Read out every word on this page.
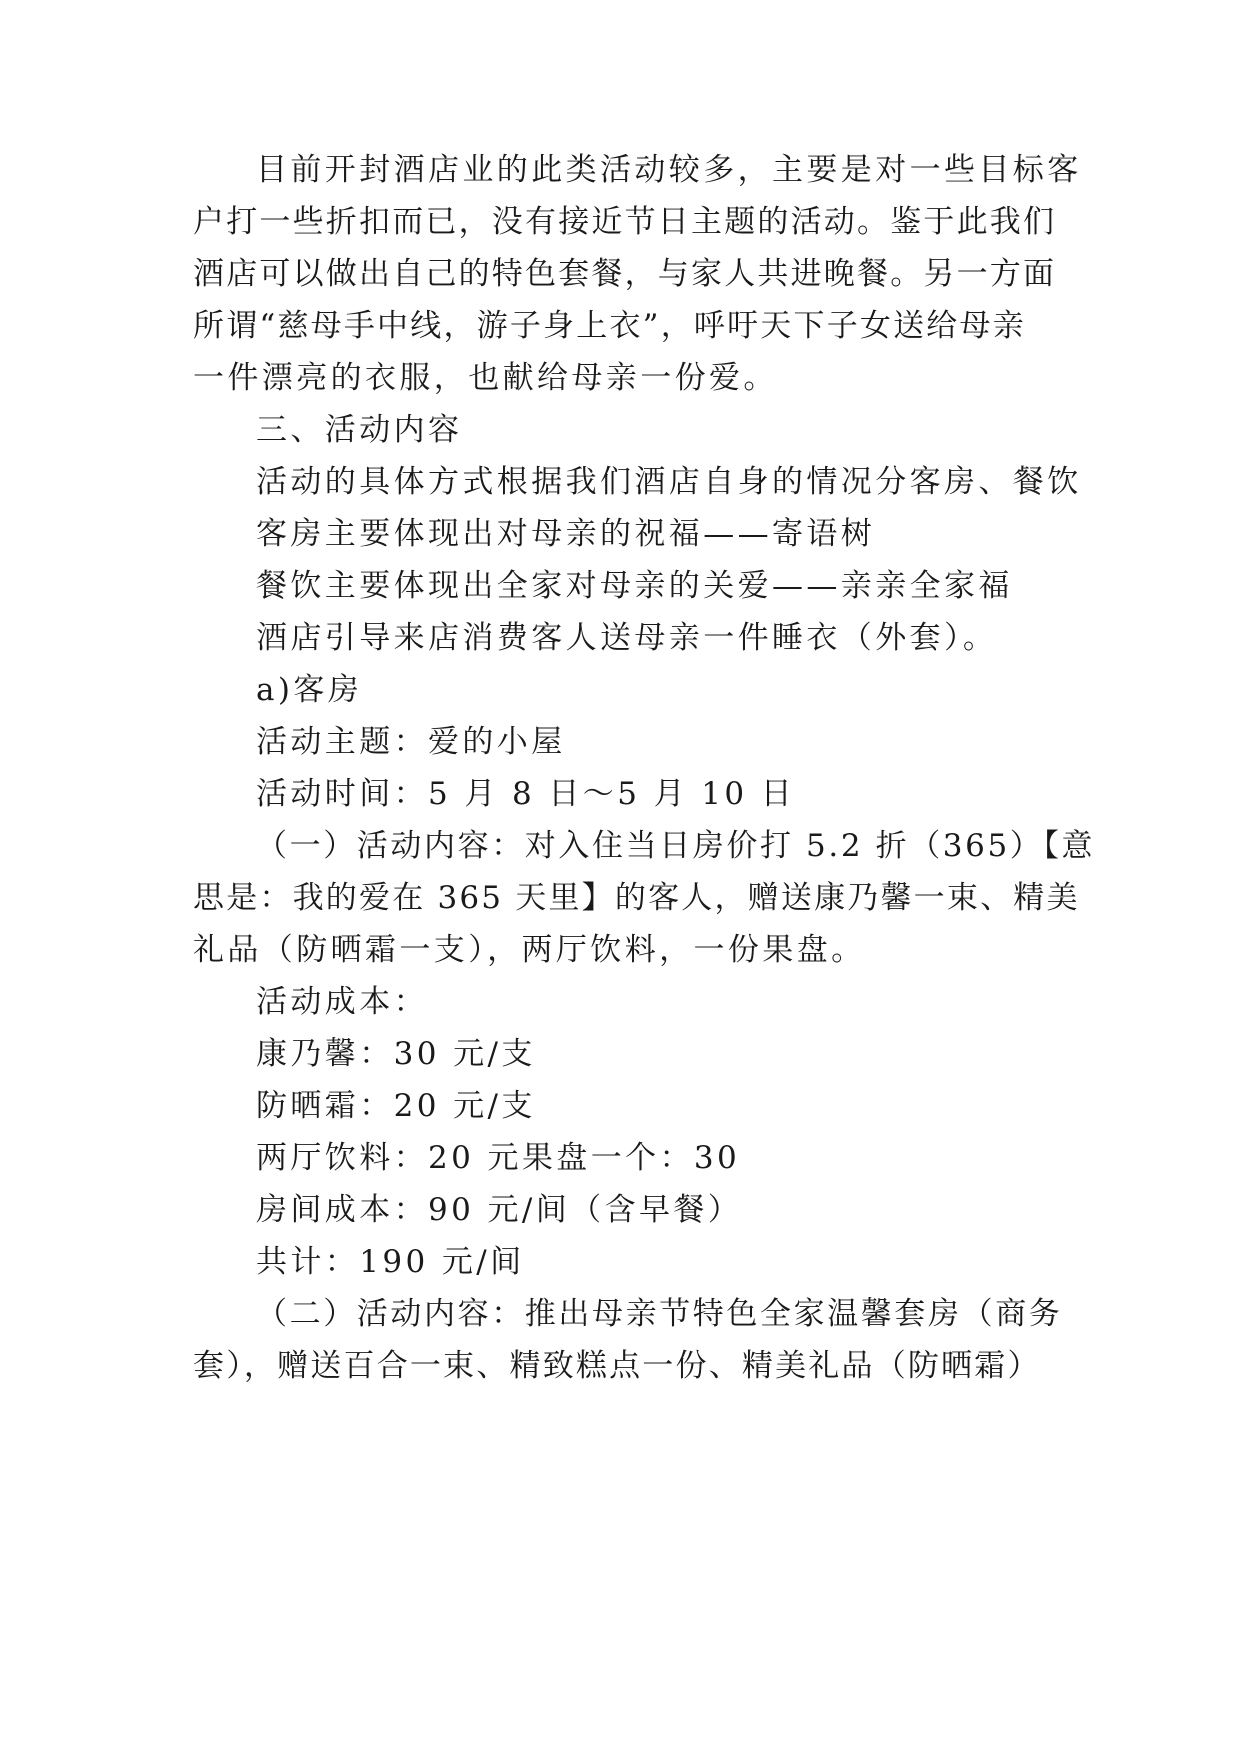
目前开封酒店业的此类活动较多，主要是对一些目标客
户打一些折扣而已，没有接近节日主题的活动。鉴于此我们
酒店可以做出自己的特色套餐，与家人共进晚餐。另一方面
所谓“慈母手中线，游子身上衣”，呼吁天下子女送给母亲
一件漂亮的衣服，也献给母亲一份爱。
三、活动内容
活动的具体方式根据我们酒店自身的情况分客房、餐饮
客房主要体现出对母亲的祝福——寄语树
餐饮主要体现出全家对母亲的关爱——亲亲全家福
酒店引导来店消费客人送母亲一件睡衣（外套）。
a)客房
活动主题：爱的小屋
活动时间：5 月 8 日～5 月 10 日
（一）活动内容：对入住当日房价打 5.2 折（365）【意
思是：我的爱在 365 天里】的客人，赠送康乃馨一束、精美
礼品（防晒霜一支），两厅饮料，一份果盘。
活动成本：
康乃馨：30 元/支
防晒霜：20 元/支
两厅饮料：20 元果盘一个：30
房间成本：90 元/间（含早餐）
共计：190 元/间
（二）活动内容：推出母亲节特色全家温馨套房（商务
套），赠送百合一束、精致糕点一份、精美礼品（防晒霜）
